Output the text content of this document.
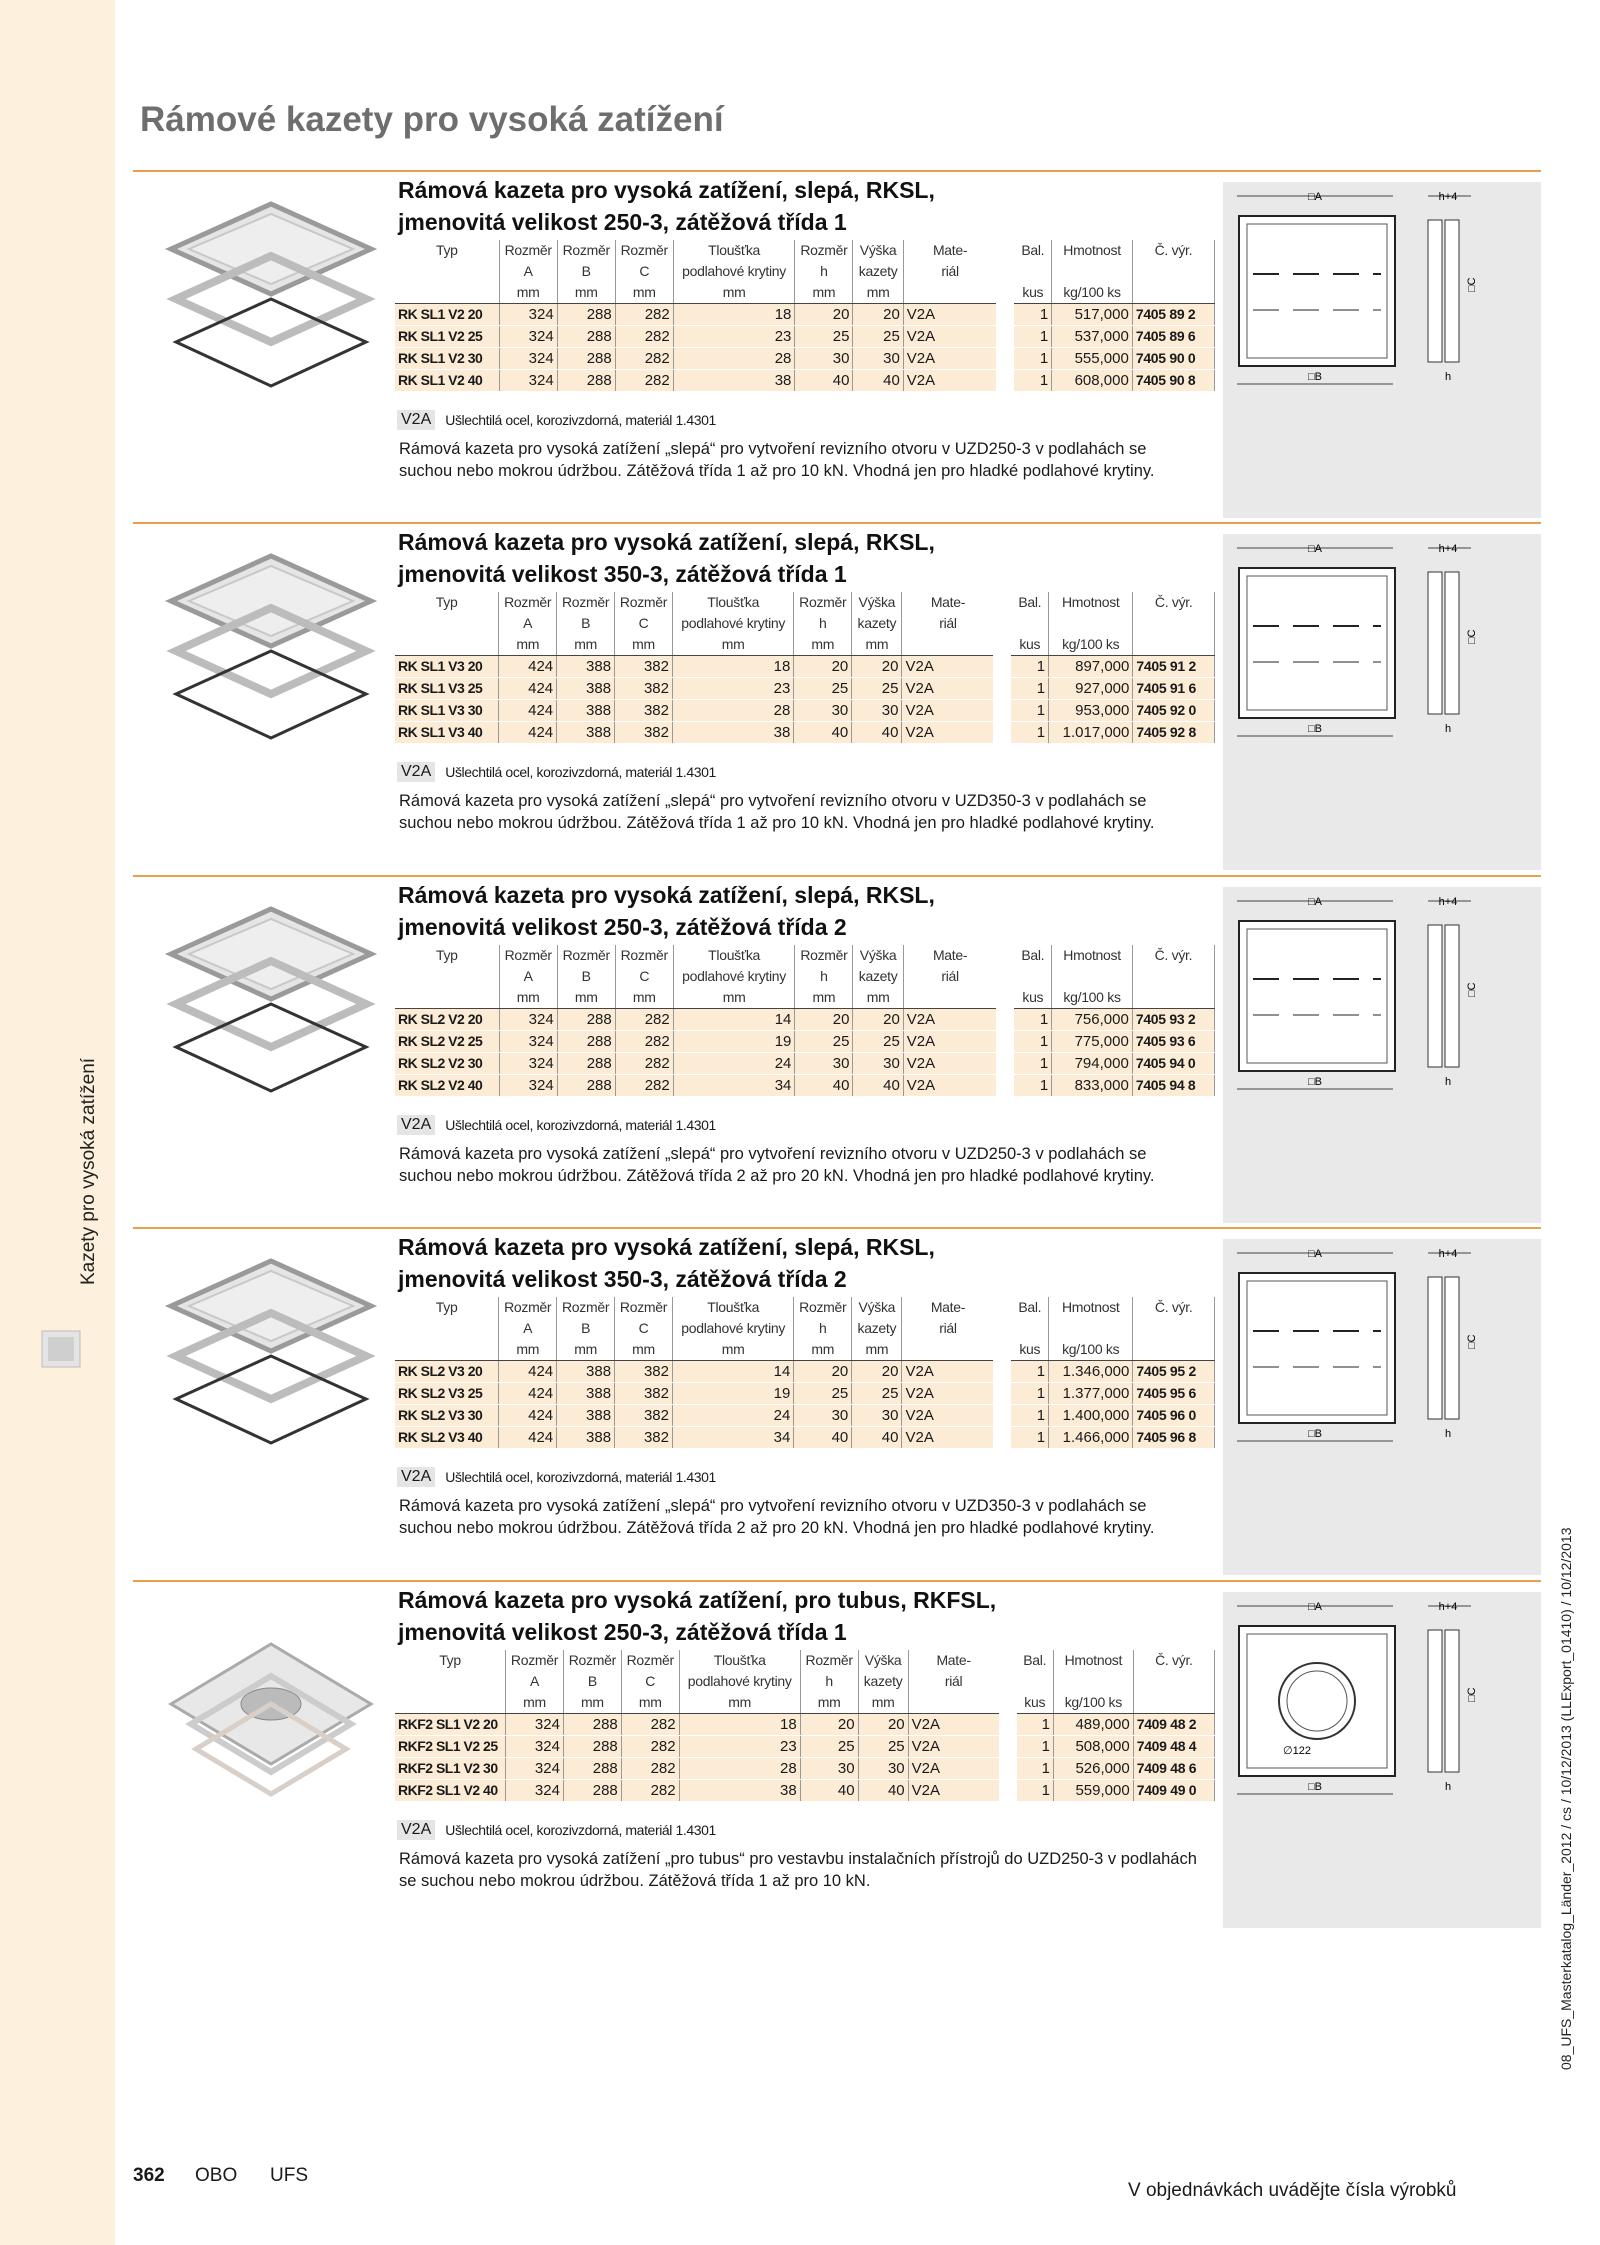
Kazety pro vysoká zatížení
Rámové kazety pro vysoká zatížení
Rámová kazeta pro vysoká zatížení, slepá, RKSL,
jmenovitá velikost 250-3, zátěžová třída 1
Typ	Rozměr	Rozměr	Rozměr	Tloušťka	Rozměr	Výška	Mate-	Bal.	Hmotnost	Č. výr.
	A	B	C	podlahové krytiny	h	kazety	riál			
	mm	mm	mm	mm	mm	mm		kus	kg/100 ks	
RK SL1 V2 20	324	288	282	18	20	20	V2A	1	517,000	7405 89 2
RK SL1 V2 25	324	288	282	23	25	25	V2A	1	537,000	7405 89 6
RK SL1 V2 30	324	288	282	28	30	30	V2A	1	555,000	7405 90 0
RK SL1 V2 40	324	288	282	38	40	40	V2A	1	608,000	7405 90 8
V2A Ušlechtilá ocel, korozivzdorná, materiál 1.4301
Rámová kazeta pro vysoká zatížení „slepá“ pro vytvoření revizního otvoru v UZD250-3 v podlahách se suchou nebo mokrou údržbou. Zátěžová třída 1 až pro 10 kN. Vhodná jen pro hladké podlahové krytiny.
□A	h+4
□B	h
□C
Rámová kazeta pro vysoká zatížení, slepá, RKSL,
jmenovitá velikost 350-3, zátěžová třída 1
Typ	Rozměr	Rozměr	Rozměr	Tloušťka	Rozměr	Výška	Mate-	Bal.	Hmotnost	Č. výr.
	A	B	C	podlahové krytiny	h	kazety	riál			
	mm	mm	mm	mm	mm	mm		kus	kg/100 ks	
RK SL1 V3 20	424	388	382	18	20	20	V2A	1	897,000	7405 91 2
RK SL1 V3 25	424	388	382	23	25	25	V2A	1	927,000	7405 91 6
RK SL1 V3 30	424	388	382	28	30	30	V2A	1	953,000	7405 92 0
RK SL1 V3 40	424	388	382	38	40	40	V2A	1	1.017,000	7405 92 8
V2A Ušlechtilá ocel, korozivzdorná, materiál 1.4301
Rámová kazeta pro vysoká zatížení „slepá“ pro vytvoření revizního otvoru v UZD350-3 v podlahách se suchou nebo mokrou údržbou. Zátěžová třída 1 až pro 10 kN. Vhodná jen pro hladké podlahové krytiny.
□A	h+4
□B	h
□C
Rámová kazeta pro vysoká zatížení, slepá, RKSL,
jmenovitá velikost 250-3, zátěžová třída 2
Typ	Rozměr	Rozměr	Rozměr	Tloušťka	Rozměr	Výška	Mate-	Bal.	Hmotnost	Č. výr.
	A	B	C	podlahové krytiny	h	kazety	riál			
	mm	mm	mm	mm	mm	mm		kus	kg/100 ks	
RK SL2 V2 20	324	288	282	14	20	20	V2A	1	756,000	7405 93 2
RK SL2 V2 25	324	288	282	19	25	25	V2A	1	775,000	7405 93 6
RK SL2 V2 30	324	288	282	24	30	30	V2A	1	794,000	7405 94 0
RK SL2 V2 40	324	288	282	34	40	40	V2A	1	833,000	7405 94 8
V2A Ušlechtilá ocel, korozivzdorná, materiál 1.4301
Rámová kazeta pro vysoká zatížení „slepá“ pro vytvoření revizního otvoru v UZD250-3 v podlahách se suchou nebo mokrou údržbou. Zátěžová třída 2 až pro 20 kN. Vhodná jen pro hladké podlahové krytiny.
□A	h+4
□B	h
□C
Rámová kazeta pro vysoká zatížení, slepá, RKSL,
jmenovitá velikost 350-3, zátěžová třída 2
Typ	Rozměr	Rozměr	Rozměr	Tloušťka	Rozměr	Výška	Mate-	Bal.	Hmotnost	Č. výr.
	A	B	C	podlahové krytiny	h	kazety	riál			
	mm	mm	mm	mm	mm	mm		kus	kg/100 ks	
RK SL2 V3 20	424	388	382	14	20	20	V2A	1	1.346,000	7405 95 2
RK SL2 V3 25	424	388	382	19	25	25	V2A	1	1.377,000	7405 95 6
RK SL2 V3 30	424	388	382	24	30	30	V2A	1	1.400,000	7405 96 0
RK SL2 V3 40	424	388	382	34	40	40	V2A	1	1.466,000	7405 96 8
V2A Ušlechtilá ocel, korozivzdorná, materiál 1.4301
Rámová kazeta pro vysoká zatížení „slepá“ pro vytvoření revizního otvoru v UZD350-3 v podlahách se suchou nebo mokrou údržbou. Zátěžová třída 2 až pro 20 kN. Vhodná jen pro hladké podlahové krytiny.
□A	h+4
□B	h
□C
Rámová kazeta pro vysoká zatížení, pro tubus, RKFSL,
jmenovitá velikost 250-3, zátěžová třída 1
Typ	Rozměr	Rozměr	Rozměr	Tloušťka	Rozměr	Výška	Mate-	Bal.	Hmotnost	Č. výr.
	A	B	C	podlahové krytiny	h	kazety	riál			
	mm	mm	mm	mm	mm	mm		kus	kg/100 ks	
RKF2 SL1 V2 20	324	288	282	18	20	20	V2A	1	489,000	7409 48 2
RKF2 SL1 V2 25	324	288	282	23	25	25	V2A	1	508,000	7409 48 4
RKF2 SL1 V2 30	324	288	282	28	30	30	V2A	1	526,000	7409 48 6
RKF2 SL1 V2 40	324	288	282	38	40	40	V2A	1	559,000	7409 49 0
V2A Ušlechtilá ocel, korozivzdorná, materiál 1.4301
Rámová kazeta pro vysoká zatížení „pro tubus“ pro vestavbu instalačních přístrojů do UZD250-3 v podlahách se suchou nebo mokrou údržbou. Zátěžová třída 1 až pro 10 kN.
□A	h+4
∅122
□B	h
□C
362 OBO UFS
V objednávkách uvádějte čísla výrobků
08_UFS_Masterkatalog_Länder_2012 / cs / 10/12/2013 (LLExport_01410) / 10/12/2013
